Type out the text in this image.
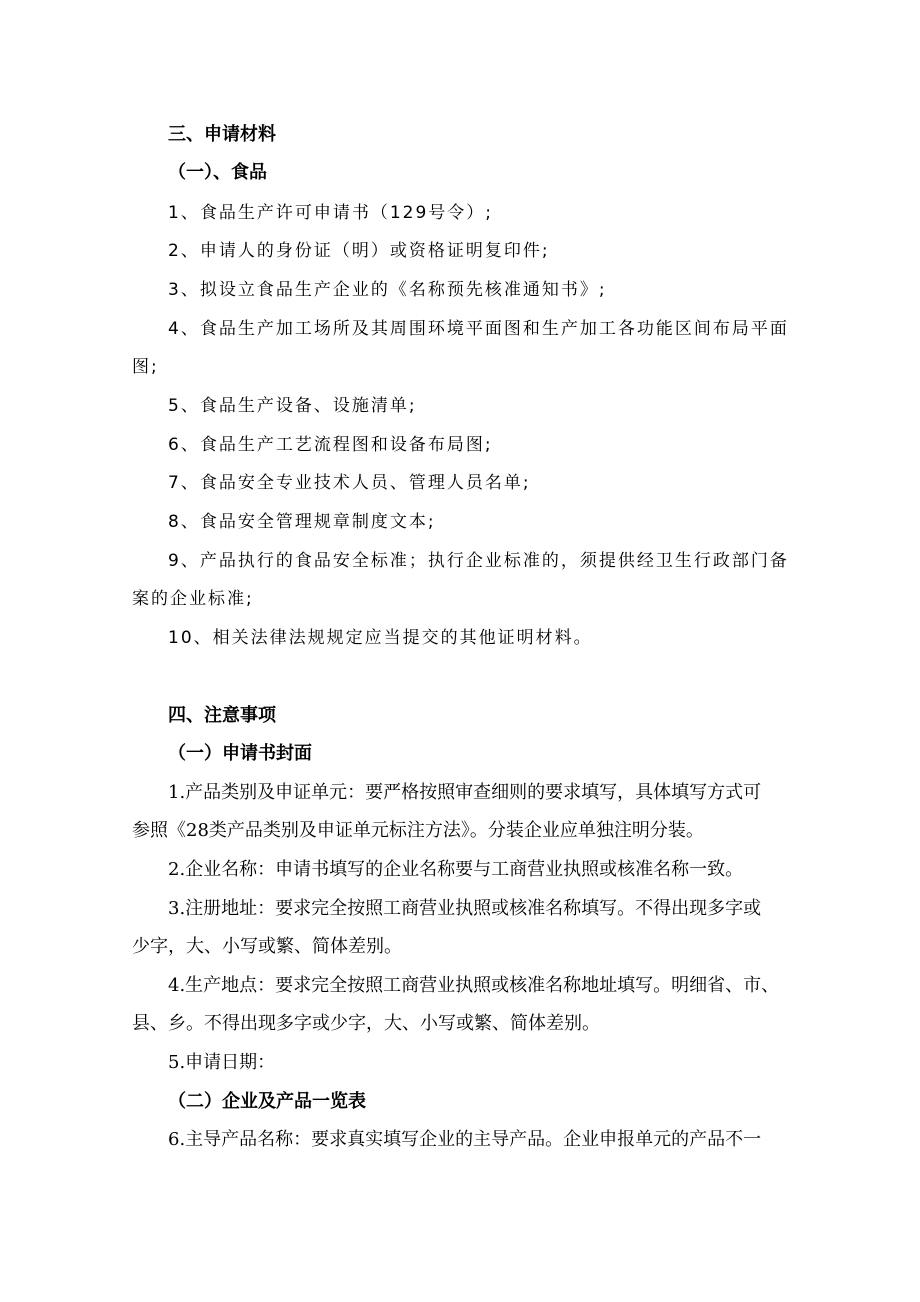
三、申请材料
（一）、食品
1、食品生产许可申请书（129号令）;
2、申请人的身份证（明）或资格证明复印件;
3、拟设立食品生产企业的《名称预先核准通知书》;
4、食品生产加工场所及其周围环境平面图和生产加工各功能区间布局平面
图;
5、食品生产设备、设施清单;
6、食品生产工艺流程图和设备布局图;
7、食品安全专业技术人员、管理人员名单;
8、食品安全管理规章制度文本;
9、产品执行的食品安全标准；执行企业标准的，须提供经卫生行政部门备
案的企业标准;
10、相关法律法规规定应当提交的其他证明材料。
四、注意事项
（一）申请书封面
1.产品类别及申证单元：要严格按照审查细则的要求填写，具体填写方式可
参照《28类产品类别及申证单元标注方法》。分装企业应单独注明分装。
2.企业名称：申请书填写的企业名称要与工商营业执照或核准名称一致。
3.注册地址：要求完全按照工商营业执照或核准名称填写。不得出现多字或
少字，大、小写或繁、简体差别。
4.生产地点：要求完全按照工商营业执照或核准名称地址填写。明细省、市、
县、乡。不得出现多字或少字，大、小写或繁、简体差别。
5.申请日期：
（二）企业及产品一览表
6.主导产品名称：要求真实填写企业的主导产品。企业申报单元的产品不一
